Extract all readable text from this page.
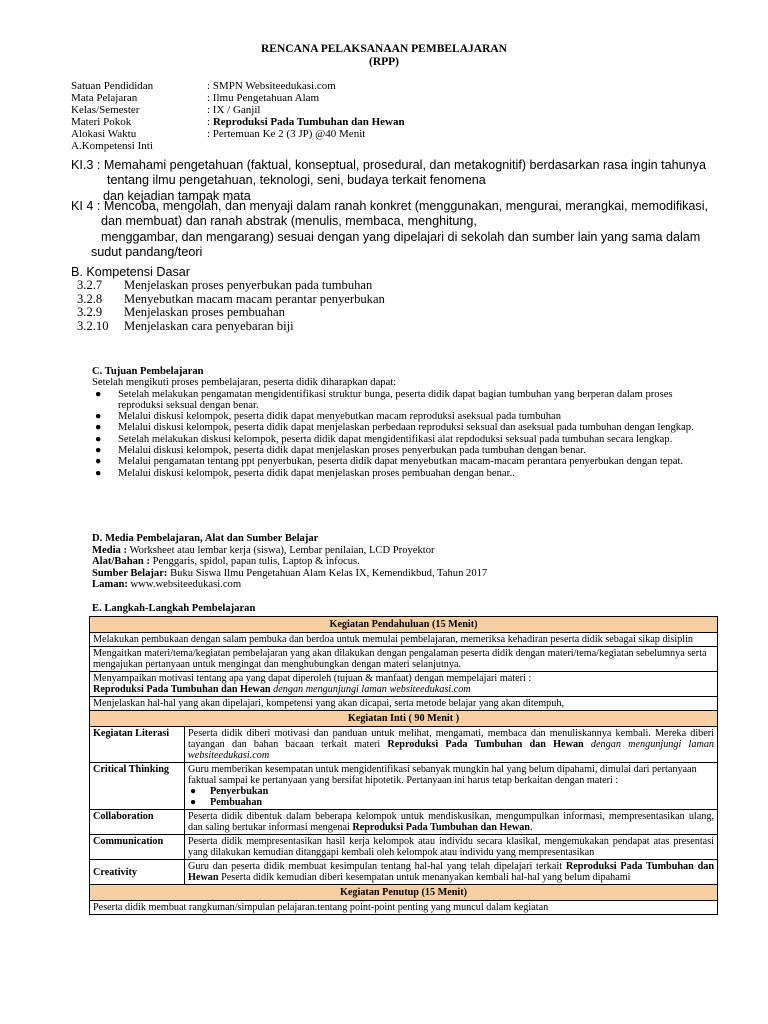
RENCANA PELAKSANAAN PEMBELAJARAN
(RPP)
Satuan Pendididan	: SMPN Websiteedukasi.com
Mata Pelajaran	: Ilmu Pengetahuan Alam
Kelas/Semester	: IX / Ganjil
Materi Pokok	: Reproduksi Pada Tumbuhan dan Hewan
Alokasi Waktu	: Pertemuan Ke 2 (3 JP) @40 Menit
A.Kompetensi Inti
KI.3 : Memahami pengetahuan (faktual, konseptual, prosedural, dan metakognitif) berdasarkan rasa ingin tahunya
tentang ilmu pengetahuan, teknologi, seni, budaya terkait fenomena
dan kejadian tampak mata
KI 4 : Mencoba, mengolah, dan menyaji dalam ranah konkret (menggunakan, mengurai, merangkai, memodifikasi,
dan membuat) dan ranah abstrak (menulis, membaca, menghitung,
menggambar, dan mengarang) sesuai dengan yang dipelajari di sekolah dan sumber lain yang sama dalam
sudut pandang/teori
B. Kompetensi Dasar
3.2.7 Menjelaskan proses penyerbukan pada tumbuhan
3.2.8 Menyebutkan macam macam perantar penyerbukan
3.2.9 Menjelaskan proses pembuahan
3.2.10 Menjelaskan cara penyebaran biji
C. Tujuan Pembelajaran
Setelah mengikuti proses pembelajaran, peserta didik diharapkan dapat:
● Setelah melakukan pengamatan mengidentifikasi struktur bunga, peserta didik dapat bagian tumbuhan yang berperan dalam proses reproduksi seksual dengan benar.
● Melalui diskusi kelompok, peserta didik dapat menyebutkan macam reproduksi aseksual pada tumbuhan
● Melalui diskusi kelompok, peserta didik dapat menjelaskan perbedaan reproduksi seksual dan aseksual pada tumbuhan dengan lengkap.
● Setelah melakukan diskusi kelompok, peserta didik dapat mengidentifikasi alat repdoduksi seksual pada tumbuhan secara lengkap.
● Melalui diskusi kelompok, peserta didik dapat menjelaskan proses penyerbukan pada tumbuhan dengan benar.
● Melalui pengamatan tentang ppt penyerbukan, peserta didik dapat menyebutkan macam-macam perantara penyerbukan dengan tepat.
● Melalui diskusi kelompok, peserta didik dapat menjelaskan proses pembuahan dengan benar..
D. Media Pembelajaran, Alat dan Sumber Belajar
Media : Worksheet atau lembar kerja (siswa), Lembar penilaian, LCD Proyektor
Alat/Bahan : Penggaris, spidol, papan tulis, Laptop & infocus.
Sumber Belajar: Buku Siswa Ilmu Pengetahuan Alam Kelas IX, Kemendikbud, Tahun 2017
Laman: www.websiteedukasi.com
E. Langkah-Langkah Pembelajaran
Kegiatan Pendahuluan (15 Menit)	
Melakukan pembukaan dengan salam pembuka dan berdoa untuk memulai pembelajaran, memeriksa kehadiran peserta didik sebagai sikap disiplin	
Mengaitkan materi/tema/kegiatan pembelajaran yang akan dilakukan dengan pengalaman peserta didik dengan materi/tema/kegiatan sebelumnya serta mengajukan pertanyaan untuk mengingat dan menghubungkan dengan materi selanjutnya.	

Menyampaikan motivasi tentang apa yang dapat diperoleh (tujuan & manfaat) dengan mempelajari materi :
Reproduksi Pada Tumbuhan dan Hewan dengan mengunjungi laman websiteedukasi.com	

Menjelaskan hal-hal yang akan dipelajari, kompetensi yang akan dicapai, serta metode belajar yang akan ditempuh,	
Kegiatan Inti ( 90 Menit )	
Kegiatan Literasi	Peserta didik diberi motivasi dan panduan untuk melihat, mengamati, membaca dan menuliskannya kembali. Mereka diberi tayangan dan bahan bacaan terkait materi Reproduksi Pada Tumbuhan dan Hewan dengan mengunjungi laman websiteedukasi.com
Critical Thinking	Guru memberikan kesempatan untuk mengidentifikasi sebanyak mungkin hal yang belum dipahami, dimulai dari pertanyaan faktual sampai ke pertanyaan yang bersifat hipotetik. Pertanyaan ini harus tetap berkaitan dengan materi :
● Penyerbukan
● Pembuahan

Collaboration	Peserta didik dibentuk dalam beberapa kelompok untuk mendiskusikan, mengumpulkan informasi, mempresentasikan ulang, dan saling bertukar informasi mengenai Reproduksi Pada Tumbuhan dan Hewan.
Communication	Peserta didik mempresentasikan hasil kerja kelompok atau individu secara klasikal, mengemukakan pendapat atas presentasi yang dilakukan kemudian ditanggapi kembali oleh kelompok atau individu yang mempresentasikan
Creativity	Guru dan peserta didik membuat kesimpulan tentang hal-hal yang telah dipelajari terkait Reproduksi Pada Tumbuhan dan Hewan Peserta didik kemudian diberi kesempatan untuk menanyakan kembali hal-hal yang belum dipahami
Kegiatan Penutup (15 Menit)	
Peserta didik membuat rangkuman/simpulan pelajaran.tentang point-point penting yang muncul dalam kegiatan	
